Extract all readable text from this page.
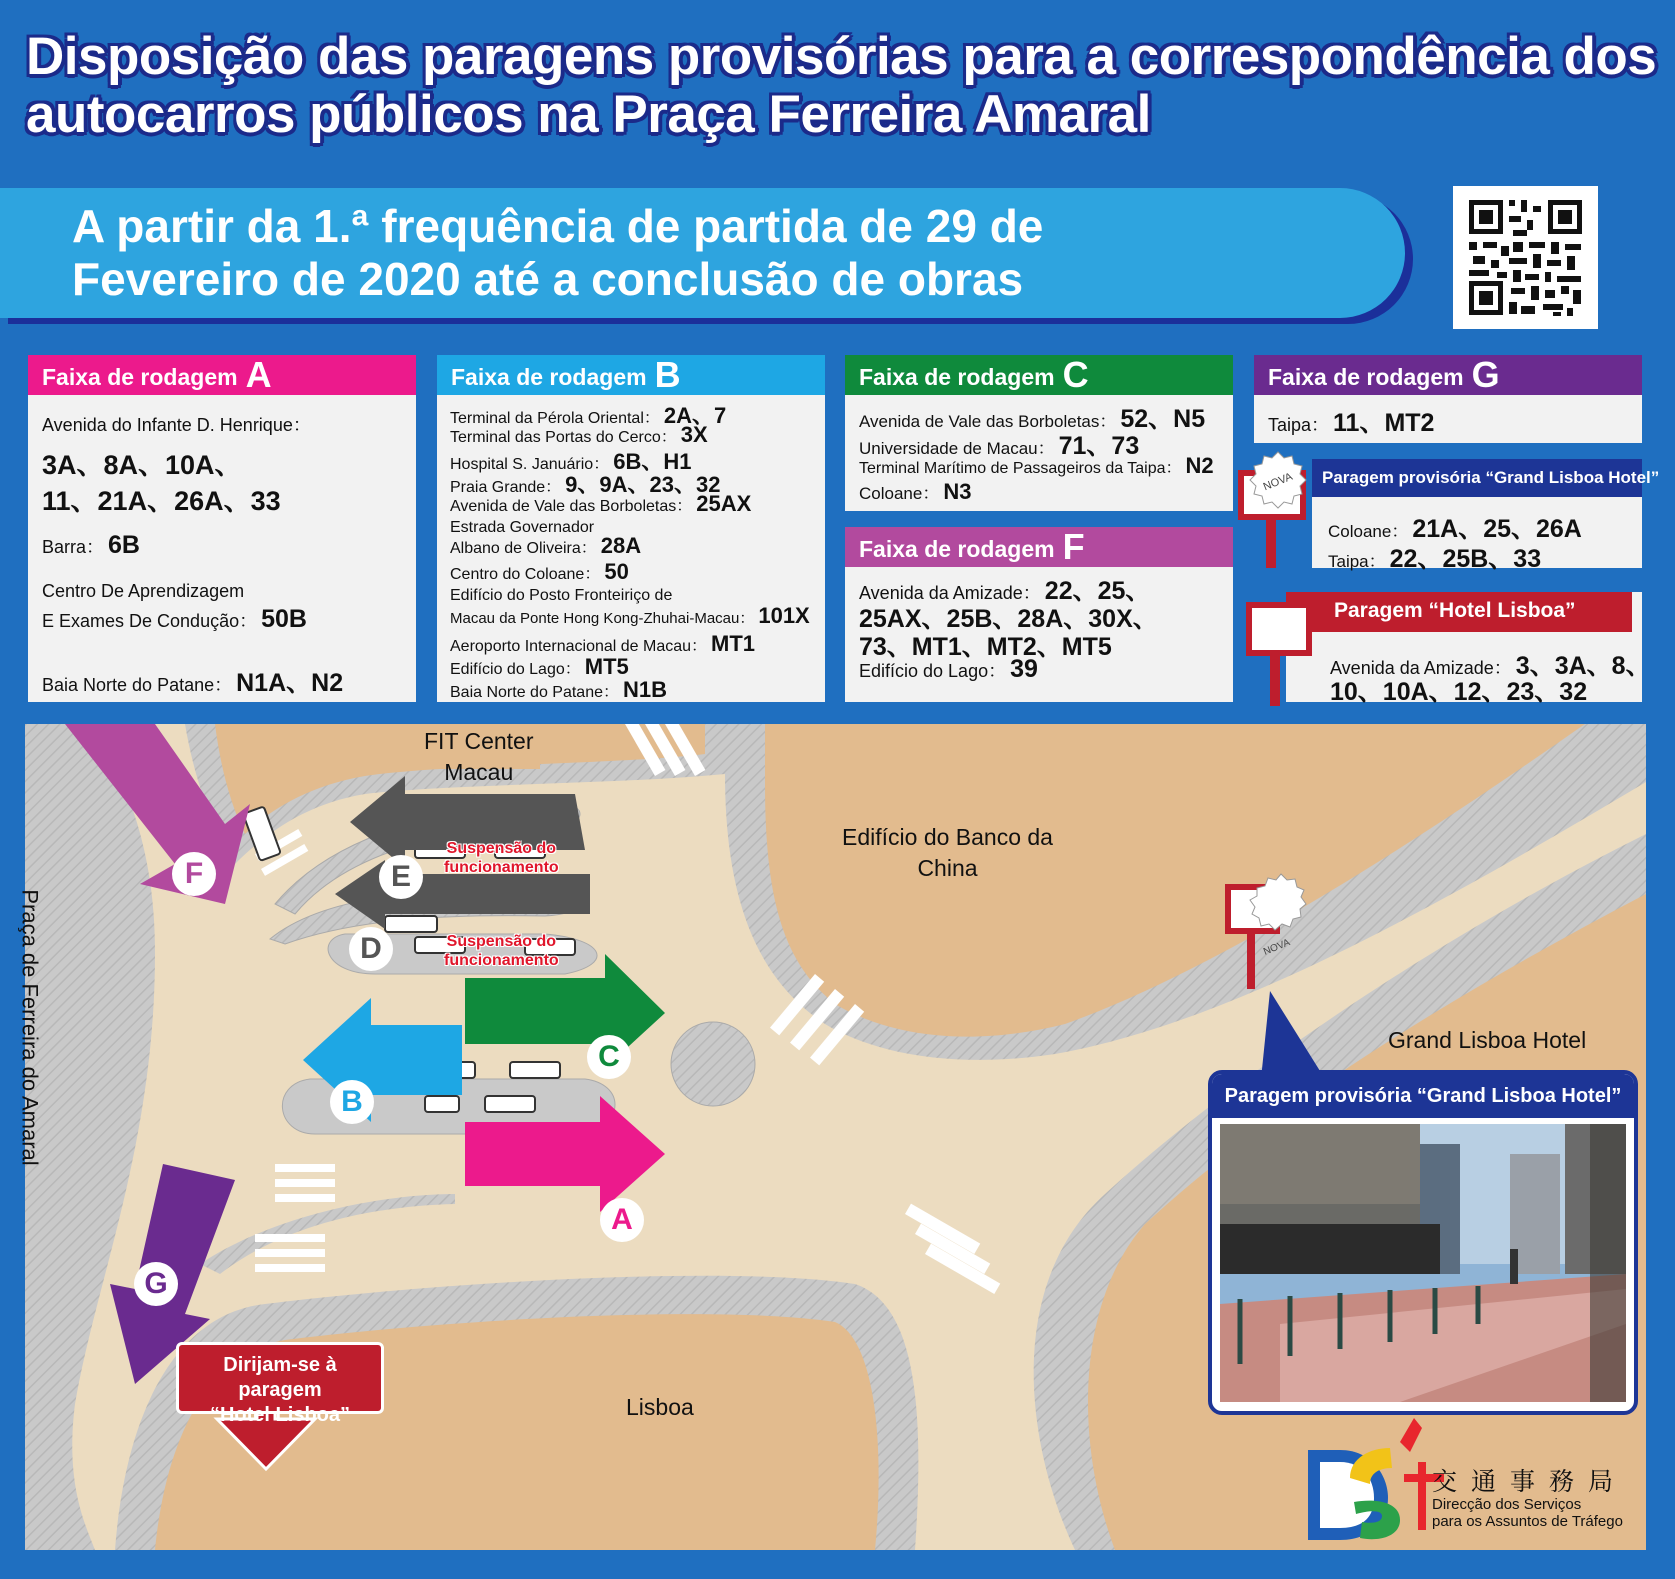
Disposição das paragens provisórias para a correspondência dos
autocarros públicos na Praça Ferreira Amaral
A partir da 1.ª frequência de partida de 29 de
Fevereiro de 2020 até a conclusão de obras
Faixa de rodagem A
Avenida do Infante D. Henrique：
3A、8A、10A、
11、21A、26A、33
Barra： 6B
Centro De Aprendizagem
E Exames De Condução： 50B
Baia Norte do Patane： N1A、N2
Faixa de rodagem B
Terminal da Pérola Oriental： 2A、7
Terminal das Portas do Cerco： 3X
Hospital S. Januário： 6B、H1
Praia Grande： 9、9A、23、32
Avenida de Vale das Borboletas： 25AX
Estrada Governador
Albano de Oliveira： 28A
Centro do Coloane： 50
Edifício do Posto Fronteiriço de
Macau da Ponte Hong Kong-Zhuhai-Macau： 101X
Aeroporto Internacional de Macau： MT1
Edifício do Lago： MT5
Baia Norte do Patane： N1B
Faixa de rodagem C
Avenida de Vale das Borboletas： 52、N5
Universidade de Macau： 71、73
Terminal Marítimo de Passageiros da Taipa： N2
Coloane： N3
Faixa de rodagem F
Avenida da Amizade： 22、25、
25AX、25B、28A、30X、
73、MT1、MT2、MT5
Edifício do Lago： 39
Faixa de rodagem G
Taipa： 11、MT2
Paragem provisória “Grand Lisboa Hotel”
Coloane： 21A、25、26A
Taipa： 22、25B、33
NOVA
Paragem “Hotel Lisboa”
Avenida da Amizade： 3、3A、8、
10、10A、12、23、32
FIT Center
Macau
Edifício do Banco da
China
Grand Lisboa Hotel
Lisboa
Praça de Ferreira do Amaral
Suspensão do
funcionamento
Suspensão do
funcionamento
F	E
D
C
B
A
G
NOVA
Dirijam-se à paragem
“Hotel Lisboa”
Paragem provisória “Grand Lisboa Hotel”
交通事務局
Direcção dos Serviços
para os Assuntos de Tráfego
